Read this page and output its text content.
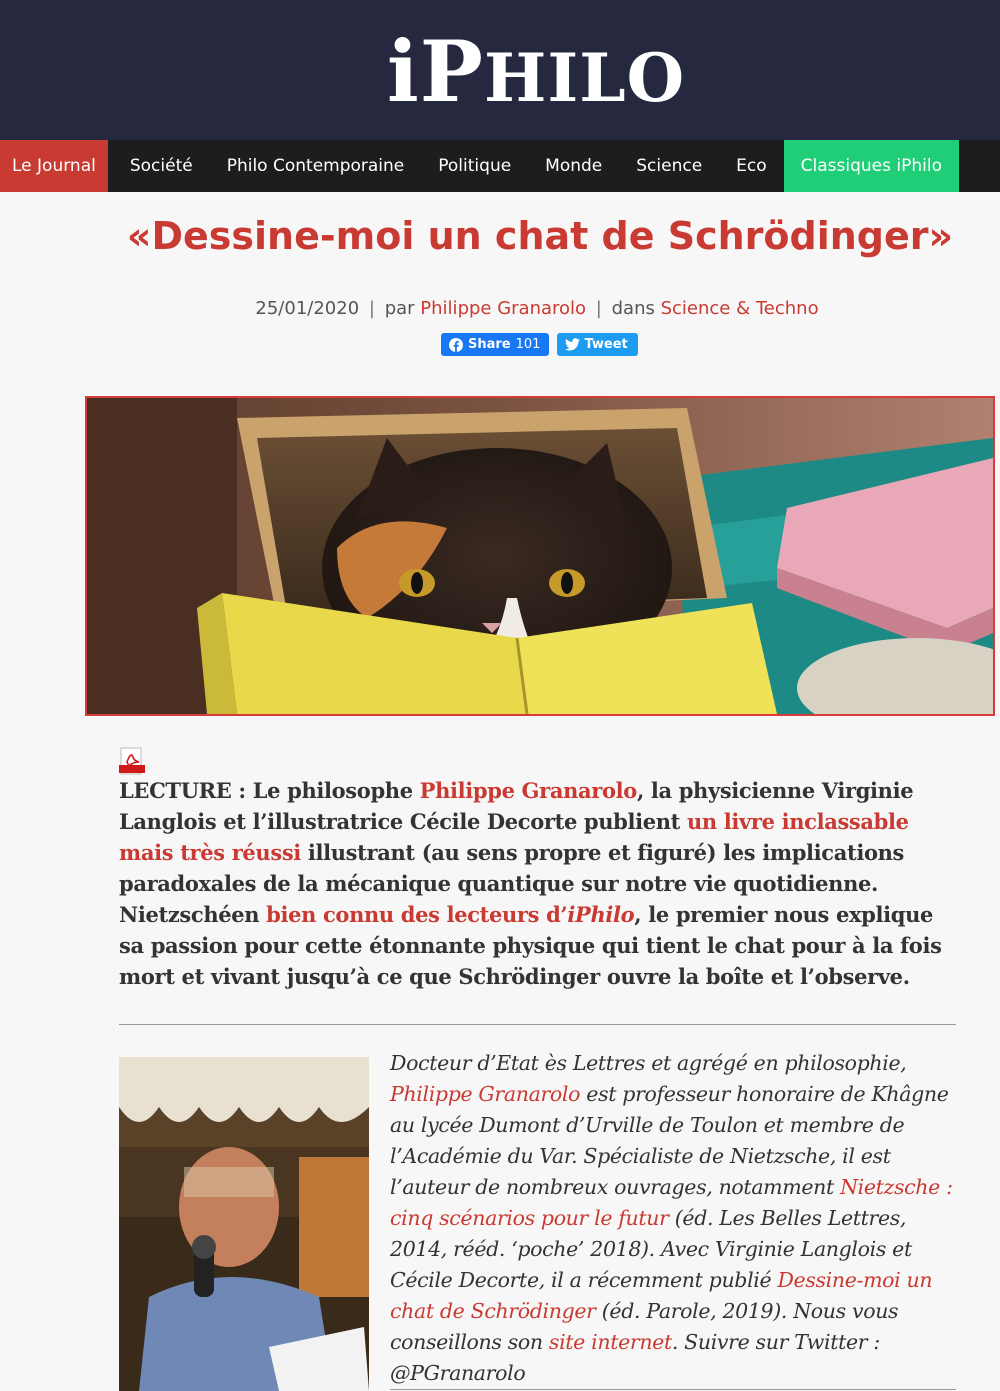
iPHILO
Le Journal	Société	Philo Contemporaine	Politique	Monde	Science	Eco	Classiques iPhilo
«Dessine-moi un chat de Schrödinger»
25/01/2020 | par Philippe Granarolo | dans Science & Techno
Share 101	Tweet
LECTURE : Le philosophe Philippe Granarolo, la physicienne Virginie Langlois et l’illustratrice Cécile Decorte publient un livre inclassable mais très réussi illustrant (au sens propre et figuré) les implications paradoxales de la mécanique quantique sur notre vie quotidienne. Nietzschéen bien connu des lecteurs d’iPhilo, le premier nous explique sa passion pour cette étonnante physique qui tient le chat pour à la fois mort et vivant jusqu’à ce que Schrödinger ouvre la boîte et l’observe.
Docteur d’Etat ès Lettres et agrégé en philosophie, Philippe Granarolo est professeur honoraire de Khâgne au lycée Dumont d’Urville de Toulon et membre de l’Académie du Var. Spécialiste de Nietzsche, il est l’auteur de nombreux ouvrages, notamment Nietzsche : cinq scénarios pour le futur (éd. Les Belles Lettres, 2014, rééd. ‘poche’ 2018). Avec Virginie Langlois et Cécile Decorte, il a récemment publié Dessine-moi un chat de Schrödinger (éd. Parole, 2019). Nous vous conseillons son site internet. Suivre sur Twitter : @PGranarolo
